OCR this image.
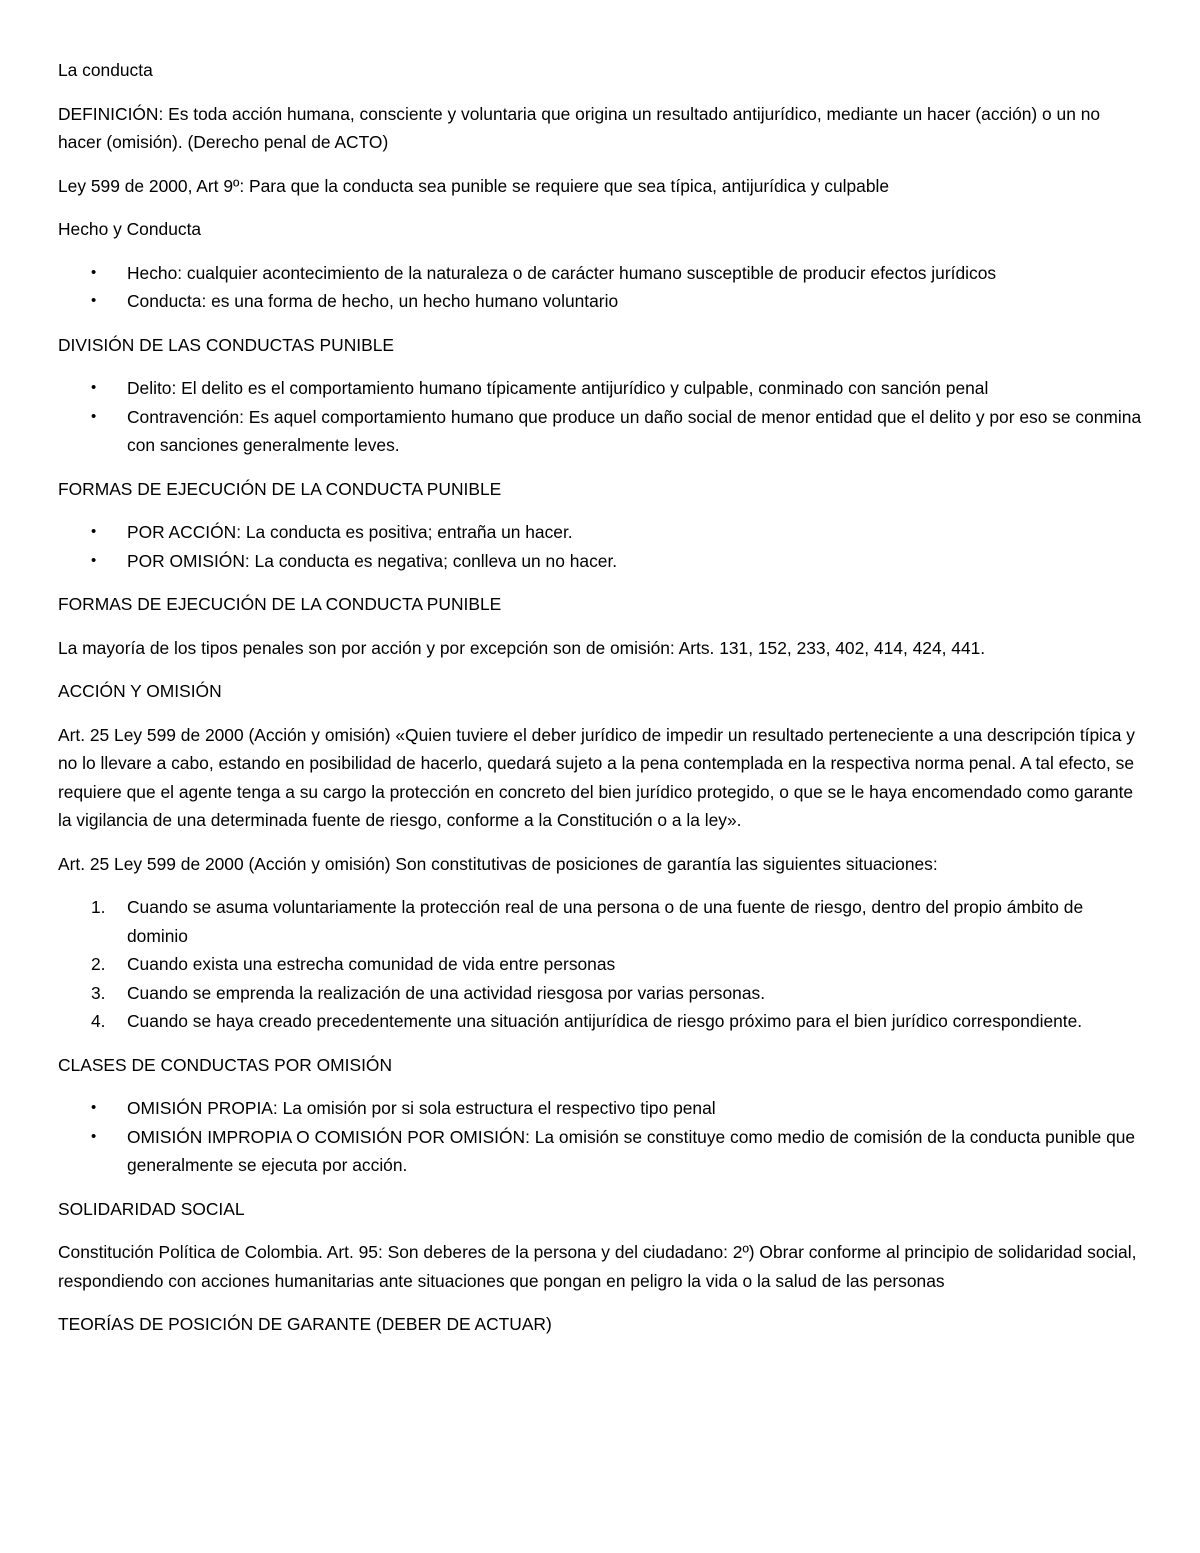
La conducta

DEFINICIÓN: Es toda acción humana, consciente y voluntaria que origina un resultado antijurídico, mediante un hacer (acción) o un no hacer (omisión). (Derecho penal de ACTO)

Ley 599 de 2000, Art 9º: Para que la conducta sea punible se requiere que sea típica, antijurídica y culpable

Hecho y Conducta

• Hecho: cualquier acontecimiento de la naturaleza o de carácter humano susceptible de producir efectos jurídicos
• Conducta: es una forma de hecho, un hecho humano voluntario

DIVISIÓN DE LAS CONDUCTAS PUNIBLE

• Delito: El delito es el comportamiento humano típicamente antijurídico y culpable, conminado con sanción penal
• Contravención: Es aquel comportamiento humano que produce un daño social de menor entidad que el delito y por eso se conmina con sanciones generalmente leves.

FORMAS DE EJECUCIÓN DE LA CONDUCTA PUNIBLE

• POR ACCIÓN: La conducta es positiva; entraña un hacer.
• POR OMISIÓN: La conducta es negativa; conlleva un no hacer.

FORMAS DE EJECUCIÓN DE LA CONDUCTA PUNIBLE

La mayoría de los tipos penales son por acción y por excepción son de omisión: Arts. 131, 152, 233, 402, 414, 424, 441.

ACCIÓN Y OMISIÓN

Art. 25 Ley 599 de 2000 (Acción y omisión) «Quien tuviere el deber jurídico de impedir un resultado perteneciente a una descripción típica y no lo llevare a cabo, estando en posibilidad de hacerlo, quedará sujeto a la pena contemplada en la respectiva norma penal. A tal efecto, se requiere que el agente tenga a su cargo la protección en concreto del bien jurídico protegido, o que se le haya encomendado como garante la vigilancia de una determinada fuente de riesgo, conforme a la Constitución o a la ley».

Art. 25 Ley 599 de 2000 (Acción y omisión) Son constitutivas de posiciones de garantía las siguientes situaciones:

1. Cuando se asuma voluntariamente la protección real de una persona o de una fuente de riesgo, dentro del propio ámbito de dominio
2. Cuando exista una estrecha comunidad de vida entre personas
3. Cuando se emprenda la realización de una actividad riesgosa por varias personas.
4. Cuando se haya creado precedentemente una situación antijurídica de riesgo próximo para el bien jurídico correspondiente.

CLASES DE CONDUCTAS POR OMISIÓN

• OMISIÓN PROPIA: La omisión por si sola estructura el respectivo tipo penal
• OMISIÓN IMPROPIA O COMISIÓN POR OMISIÓN: La omisión se constituye como medio de comisión de la conducta punible que generalmente se ejecuta por acción.

SOLIDARIDAD SOCIAL

Constitución Política de Colombia. Art. 95: Son deberes de la persona y del ciudadano: 2º) Obrar conforme al principio de solidaridad social, respondiendo con acciones humanitarias ante situaciones que pongan en peligro la vida o la salud de las personas

TEORÍAS DE POSICIÓN DE GARANTE (DEBER DE ACTUAR)
